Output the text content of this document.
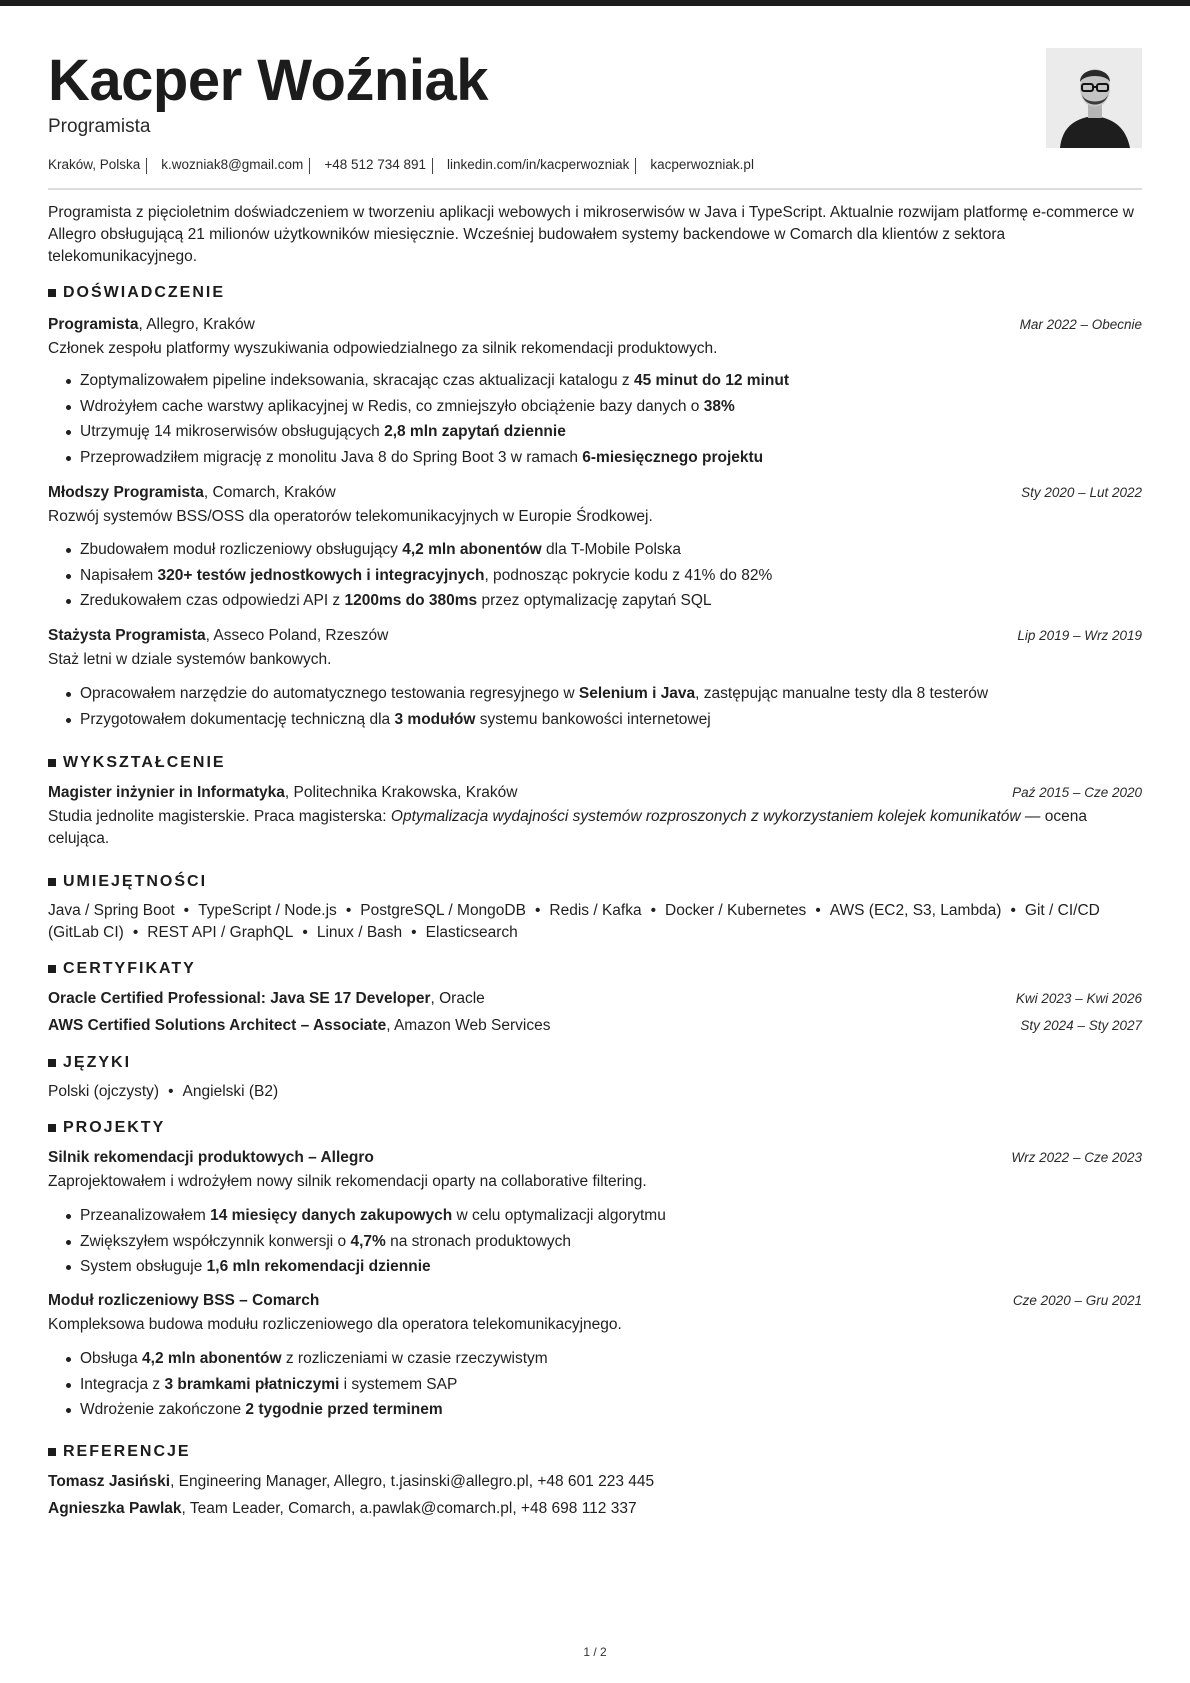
Kacper Woźniak
Programista
Kraków, Polska k.wozniak8@gmail.com +48 512 734 891 linkedin.com/in/kacperwozniak kacperwozniak.pl
Programista z pięcioletnim doświadczeniem w tworzeniu aplikacji webowych i mikroserwisów w Java i TypeScript. Aktualnie rozwijam platformę e-commerce w Allegro obsługującą 21 milionów użytkowników miesięcznie. Wcześniej budowałem systemy backendowe w Comarch dla klientów z sektora telekomunikacyjnego.
DOŚWIADCZENIE
Programista, Allegro, Kraków	Mar 2022 – Obecnie
Członek zespołu platformy wyszukiwania odpowiedzialnego za silnik rekomendacji produktowych.
Zoptymalizowałem pipeline indeksowania, skracając czas aktualizacji katalogu z 45 minut do 12 minut
Wdrożyłem cache warstwy aplikacyjnej w Redis, co zmniejszyło obciążenie bazy danych o 38%
Utrzymuję 14 mikroserwisów obsługujących 2,8 mln zapytań dziennie
Przeprowadziłem migrację z monolitu Java 8 do Spring Boot 3 w ramach 6-miesięcznego projektu
Młodszy Programista, Comarch, Kraków	Sty 2020 – Lut 2022
Rozwój systemów BSS/OSS dla operatorów telekomunikacyjnych w Europie Środkowej.
Zbudowałem moduł rozliczeniowy obsługujący 4,2 mln abonentów dla T-Mobile Polska
Napisałem 320+ testów jednostkowych i integracyjnych, podnosząc pokrycie kodu z 41% do 82%
Zredukowałem czas odpowiedzi API z 1200ms do 380ms przez optymalizację zapytań SQL
Stażysta Programista, Asseco Poland, Rzeszów	Lip 2019 – Wrz 2019
Staż letni w dziale systemów bankowych.
Opracowałem narzędzie do automatycznego testowania regresyjnego w Selenium i Java, zastępując manualne testy dla 8 testerów
Przygotowałem dokumentację techniczną dla 3 modułów systemu bankowości internetowej
WYKSZTAŁCENIE
Magister inżynier in Informatyka, Politechnika Krakowska, Kraków	Paź 2015 – Cze 2020
Studia jednolite magisterskie. Praca magisterska: Optymalizacja wydajności systemów rozproszonych z wykorzystaniem kolejek komunikatów — ocena celująca.
UMIEJĘTNOŚCI
Java / Spring Boot • TypeScript / Node.js • PostgreSQL / MongoDB • Redis / Kafka • Docker / Kubernetes • AWS (EC2, S3, Lambda) • Git / CI/CD (GitLab CI) • REST API / GraphQL • Linux / Bash • Elasticsearch
CERTYFIKATY
Oracle Certified Professional: Java SE 17 Developer, Oracle	Kwi 2023 – Kwi 2026
AWS Certified Solutions Architect – Associate, Amazon Web Services	Sty 2024 – Sty 2027
JĘZYKI
Polski (ojczysty) • Angielski (B2)
PROJEKTY
Silnik rekomendacji produktowych – Allegro	Wrz 2022 – Cze 2023
Zaprojektowałem i wdrożyłem nowy silnik rekomendacji oparty na collaborative filtering.
Przeanalizowałem 14 miesięcy danych zakupowych w celu optymalizacji algorytmu
Zwiększyłem współczynnik konwersji o 4,7% na stronach produktowych
System obsługuje 1,6 mln rekomendacji dziennie
Moduł rozliczeniowy BSS – Comarch	Cze 2020 – Gru 2021
Kompleksowa budowa modułu rozliczeniowego dla operatora telekomunikacyjnego.
Obsługa 4,2 mln abonentów z rozliczeniami w czasie rzeczywistym
Integracja z 3 bramkami płatniczymi i systemem SAP
Wdrożenie zakończone 2 tygodnie przed terminem
REFERENCJE
Tomasz Jasiński, Engineering Manager, Allegro, t.jasinski@allegro.pl, +48 601 223 445
Agnieszka Pawlak, Team Leader, Comarch, a.pawlak@comarch.pl, +48 698 112 337
1 / 2
